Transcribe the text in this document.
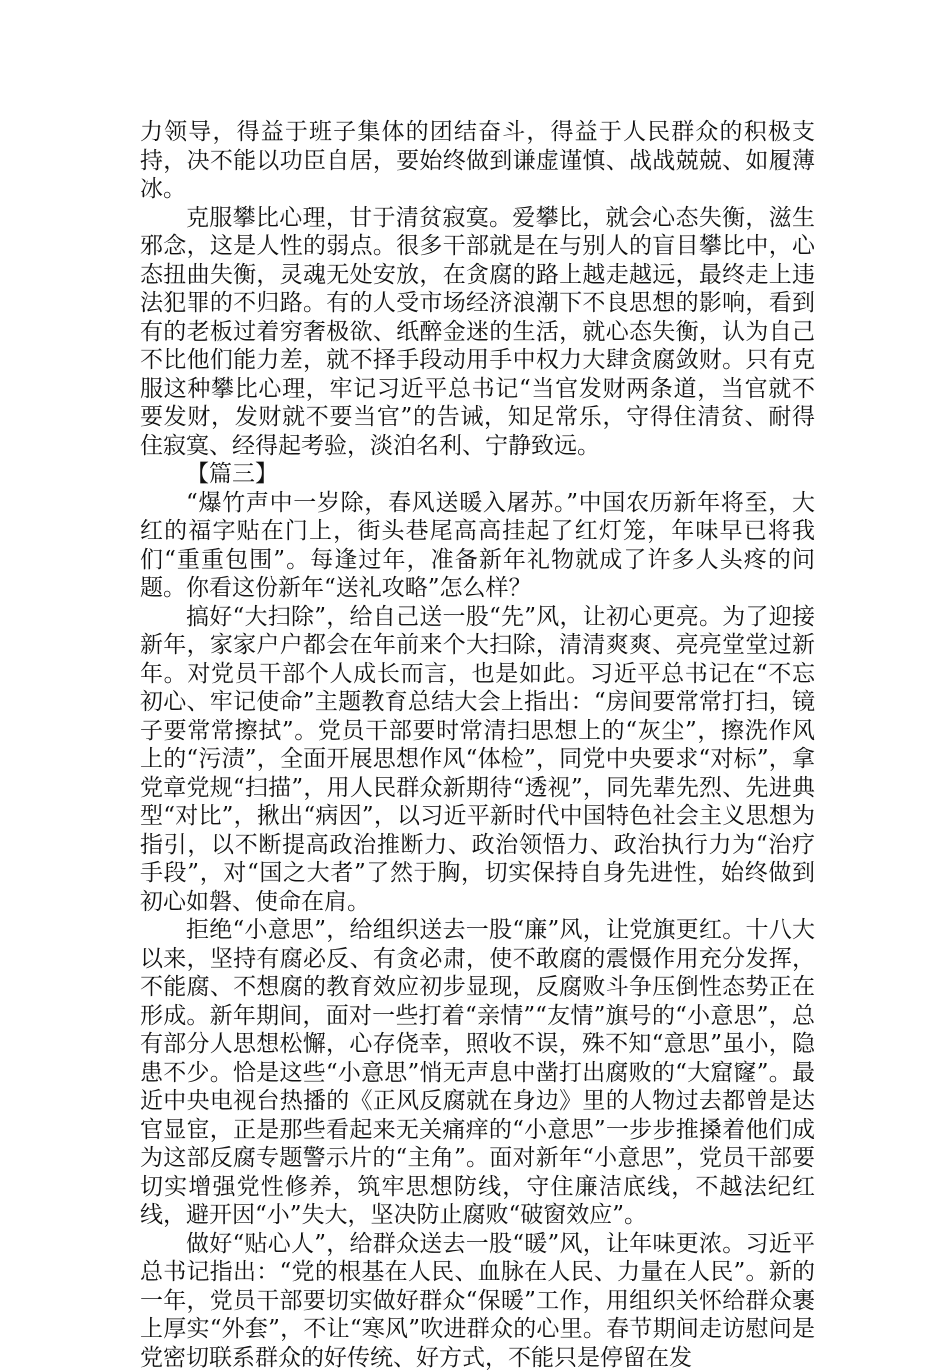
力领导，得益于班子集体的团结奋斗，得益于人民群众的积极支持，决不能以功臣自居，要始终做到谦虚谨慎、战战兢兢、如履薄冰。

克服攀比心理，甘于清贫寂寞。爱攀比，就会心态失衡，滋生邪念，这是人性的弱点。很多干部就是在与别人的盲目攀比中，心态扭曲失衡，灵魂无处安放，在贪腐的路上越走越远，最终走上违法犯罪的不归路。有的人受市场经济浪潮下不良思想的影响，看到有的老板过着穷奢极欲、纸醉金迷的生活，就心态失衡，认为自己不比他们能力差，就不择手段动用手中权力大肆贪腐敛财。只有克服这种攀比心理，牢记习近平总书记“当官发财两条道，当官就不要发财，发财就不要当官”的告诫，知足常乐，守得住清贫、耐得住寂寞、经得起考验，淡泊名利、宁静致远。

【篇三】

“爆竹声中一岁除，春风送暖入屠苏。”中国农历新年将至，大红的福字贴在门上，街头巷尾高高挂起了红灯笼，年味早已将我们“重重包围”。每逢过年，准备新年礼物就成了许多人头疼的问题。你看这份新年“送礼攻略”怎么样？

搞好“大扫除”，给自己送一股“先”风，让初心更亮。为了迎接新年，家家户户都会在年前来个大扫除，清清爽爽、亮亮堂堂过新年。对党员干部个人成长而言，也是如此。习近平总书记在“不忘初心、牢记使命”主题教育总结大会上指出：“房间要常常打扫，镜子要常常擦拭”。党员干部要时常清扫思想上的“灰尘”，擦洗作风上的“污渍”，全面开展思想作风“体检”，同党中央要求“对标”，拿党章党规“扫描”，用人民群众新期待“透视”，同先辈先烈、先进典型“对比”，揪出“病因”，以习近平新时代中国特色社会主义思想为指引，以不断提高政治推断力、政治领悟力、政治执行力为“治疗手段”，对“国之大者”了然于胸，切实保持自身先进性，始终做到初心如磐、使命在肩。

拒绝“小意思”，给组织送去一股“廉”风，让党旗更红。十八大以来，坚持有腐必反、有贪必肃，使不敢腐的震慑作用充分发挥，不能腐、不想腐的教育效应初步显现，反腐败斗争压倒性态势正在形成。新年期间，面对一些打着“亲情”“友情”旗号的“小意思”，总有部分人思想松懈，心存侥幸，照收不误，殊不知“意思”虽小，隐患不少。恰是这些“小意思”悄无声息中凿打出腐败的“大窟窿”。最近中央电视台热播的《正风反腐就在身边》里的人物过去都曾是达官显宦，正是那些看起来无关痛痒的“小意思”一步步推搡着他们成为这部反腐专题警示片的“主角”。面对新年“小意思”，党员干部要切实增强党性修养，筑牢思想防线，守住廉洁底线，不越法纪红线，避开因“小”失大，坚决防止腐败“破窗效应”。

做好“贴心人”，给群众送去一股“暖”风，让年味更浓。习近平总书记指出：“党的根基在人民、血脉在人民、力量在人民”。新的一年，党员干部要切实做好群众“保暖”工作，用组织关怀给群众裹上厚实“外套”，不让“寒风”吹进群众的心里。春节期间走访慰问是党密切联系群众的好传统、好方式，不能只是停留在发
